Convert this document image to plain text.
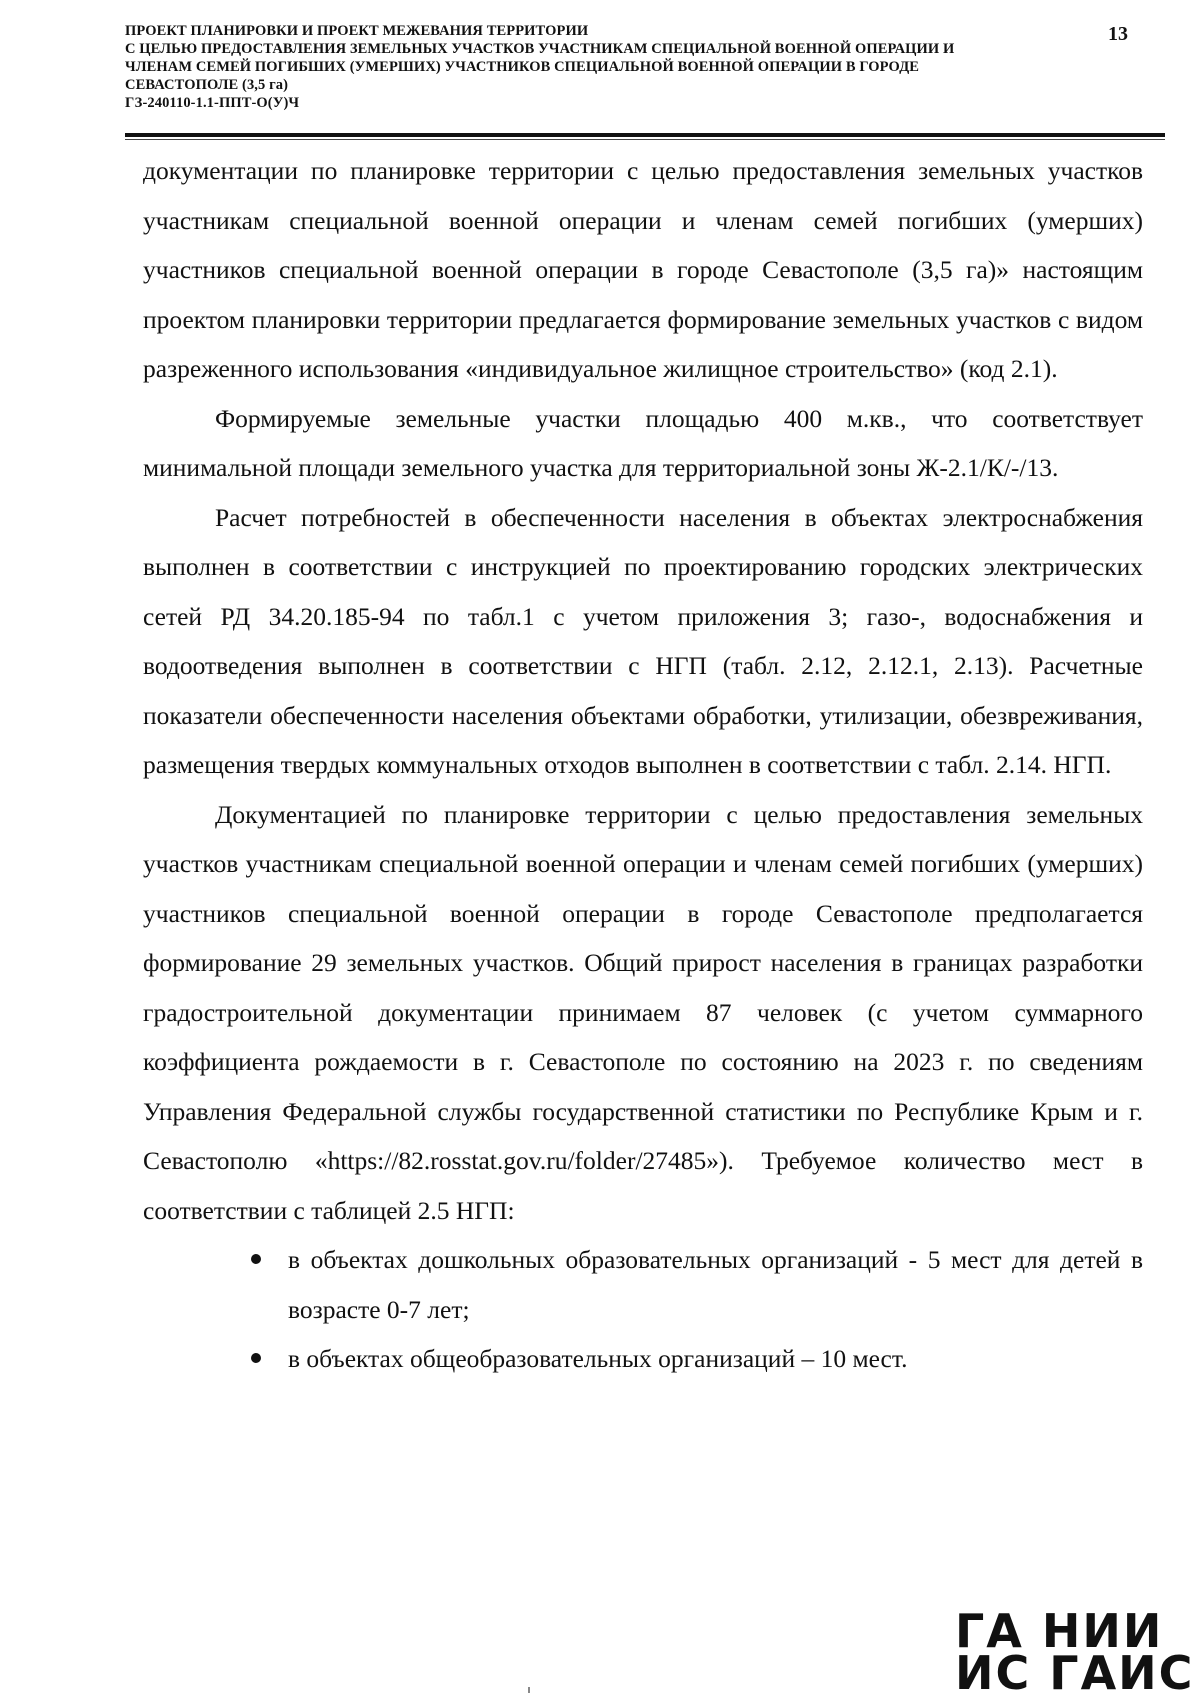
ПРОЕКТ ПЛАНИРОВКИ И ПРОЕКТ МЕЖЕВАНИЯ ТЕРРИТОРИИ
С ЦЕЛЬЮ ПРЕДОСТАВЛЕНИЯ ЗЕМЕЛЬНЫХ УЧАСТКОВ УЧАСТНИКАМ СПЕЦИАЛЬНОЙ ВОЕННОЙ ОПЕРАЦИИ И
ЧЛЕНАМ СЕМЕЙ ПОГИБШИХ (УМЕРШИХ) УЧАСТНИКОВ СПЕЦИАЛЬНОЙ ВОЕННОЙ ОПЕРАЦИИ В ГОРОДЕ
СЕВАСТОПОЛЕ (3,5 га)
ГЗ-240110-1.1-ППТ-О(У)Ч
13

документации по планировке территории с целью предоставления земельных участков участникам специальной военной операции и членам семей погибших (умерших) участников специальной военной операции в городе Севастополе (3,5 га)» настоящим проектом планировки территории предлагается формирование земельных участков с видом разреженного использования «индивидуальное жилищное строительство» (код 2.1).

Формируемые земельные участки площадью 400 м.кв., что соответствует минимальной площади земельного участка для территориальной зоны Ж-2.1/К/-/13.

Расчет потребностей в обеспеченности населения в объектах электроснабжения выполнен в соответствии с инструкцией по проектированию городских электрических сетей РД 34.20.185-94 по табл.1 с учетом приложения 3; газо-, водоснабжения и водоотведения выполнен в соответствии с НГП (табл. 2.12, 2.12.1, 2.13). Расчетные показатели обеспеченности населения объектами обработки, утилизации, обезвреживания, размещения твердых коммунальных отходов выполнен в соответствии с табл. 2.14. НГП.

Документацией по планировке территории с целью предоставления земельных участков участникам специальной военной операции и членам семей погибших (умерших) участников специальной военной операции в городе Севастополе предполагается формирование 29 земельных участков. Общий прирост населения в границах разработки градостроительной документации принимаем 87 человек (с учетом суммарного коэффициента рождаемости в г. Севастополе по состоянию на 2023 г. по сведениям Управления Федеральной службы государственной статистики по Республике Крым и г. Севастополю «https://82.rosstat.gov.ru/folder/27485»). Требуемое количество мест в соответствии с таблицей 2.5 НГП:

в объектах дошкольных образовательных организаций - 5 мест для детей в возрасте 0-7 лет;
в объектах общеобразовательных организаций – 10 мест.
ГА НИИ
ИС ГАИС
